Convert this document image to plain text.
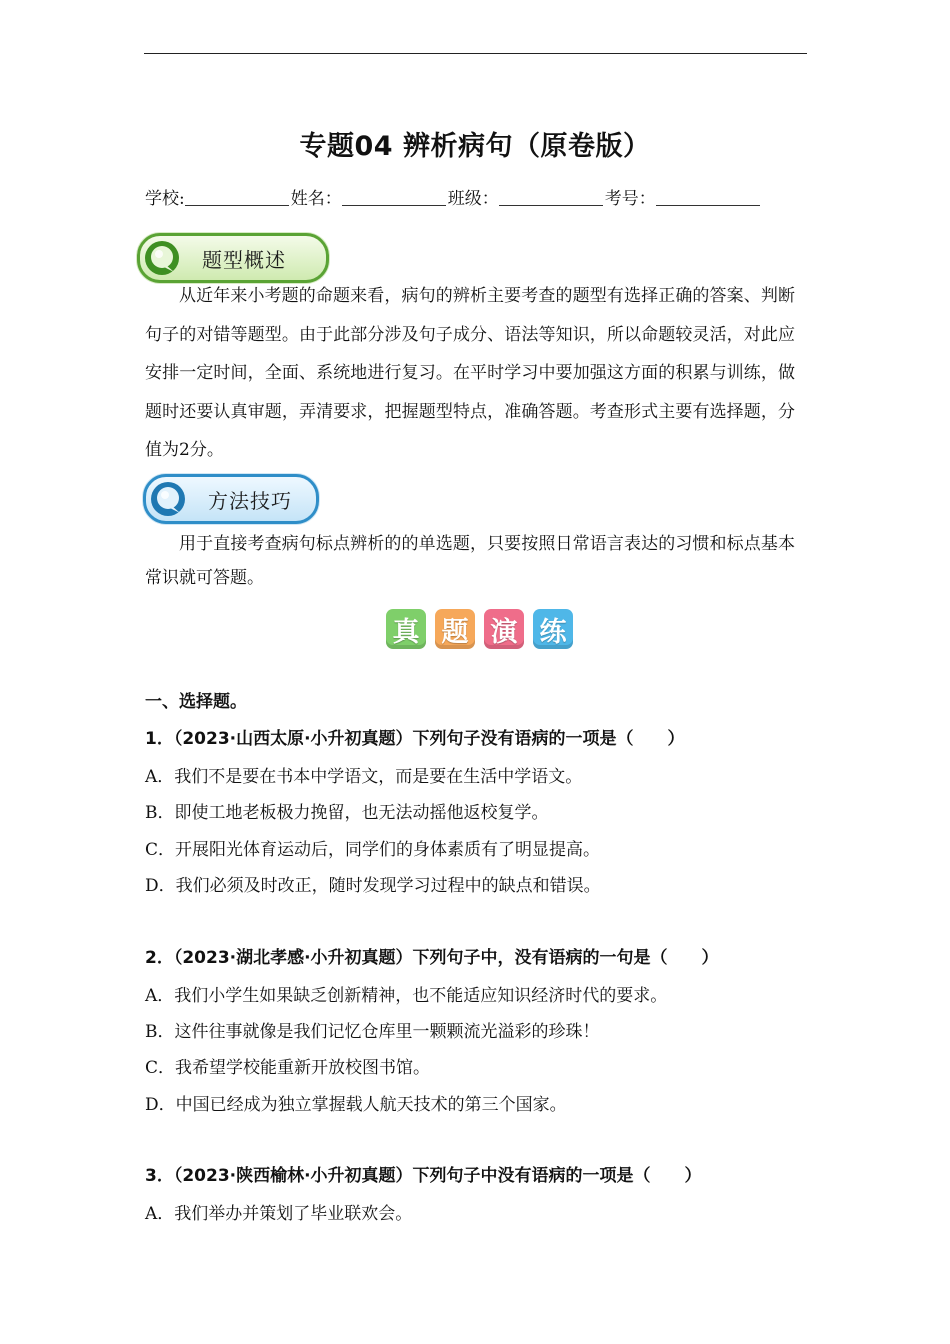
专题04 辨析病句（原卷版）
学校:	姓名：	班级：	考号：
题型概述

从近年来小考题的命题来看，病句的辨析主要考查的题型有选择正确的答案、判断句子的对错等题型。由于此部分涉及句子成分、语法等知识，所以命题较灵活，对此应安排一定时间，全面、系统地进行复习。在平时学习中要加强这方面的积累与训练，做题时还要认真审题，弄清要求，把握题型特点，准确答题。考查形式主要有选择题，分值为2分。

方法技巧

用于直接考查病句标点辨析的的单选题，只要按照日常语言表达的习惯和标点基本常识就可答题。

真 题 演 练
一、选择题。
1．（2023·山西太原·小升初真题）下列句子没有语病的一项是（　　）
A．我们不是要在书本中学语文，而是要在生活中学语文。
B．即使工地老板极力挽留，也无法动摇他返校复学。
C．开展阳光体育运动后，同学们的身体素质有了明显提高。
D．我们必须及时改正，随时发现学习过程中的缺点和错误。
2．（2023·湖北孝感·小升初真题）下列句子中，没有语病的一句是（　　）
A．我们小学生如果缺乏创新精神，也不能适应知识经济时代的要求。
B．这件往事就像是我们记忆仓库里一颗颗流光溢彩的珍珠！
C．我希望学校能重新开放校图书馆。
D．中国已经成为独立掌握载人航天技术的第三个国家。
3．（2023·陕西榆林·小升初真题）下列句子中没有语病的一项是（　　）
A．我们举办并策划了毕业联欢会。
